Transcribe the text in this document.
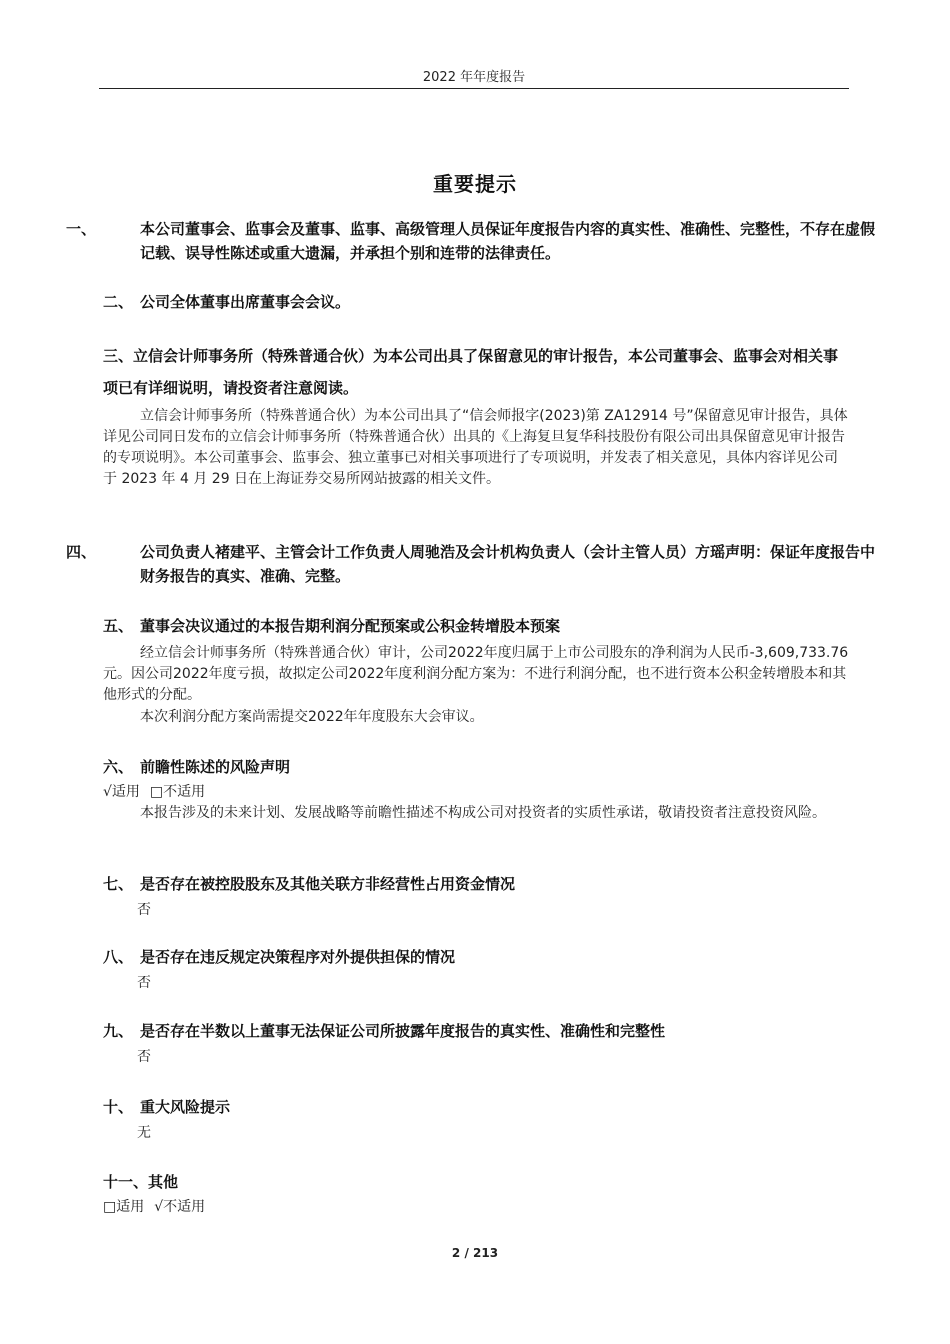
2022 年年度报告
重要提示
一、	本公司董事会、监事会及董事、监事、高级管理人员保证年度报告内容的真实性、准确性、完整性，不存在虚假记载、误导性陈述或重大遗漏，并承担个别和连带的法律责任。
二、 公司全体董事出席董事会会议。
三、立信会计师事务所（特殊普通合伙）为本公司出具了保留意见的审计报告，本公司董事会、监事会对相关事项已有详细说明，请投资者注意阅读。
立信会计师事务所（特殊普通合伙）为本公司出具了“信会师报字(2023)第 ZA12914 号”保留意见审计报告，具体详见公司同日发布的立信会计师事务所（特殊普通合伙）出具的《上海复旦复华科技股份有限公司出具保留意见审计报告的专项说明》。本公司董事会、监事会、独立董事已对相关事项进行了专项说明，并发表了相关意见，具体内容详见公司于 2023 年 4 月 29 日在上海证券交易所网站披露的相关文件。
四、	公司负责人褚建平、主管会计工作负责人周驰浩及会计机构负责人（会计主管人员）方瑶声明：保证年度报告中财务报告的真实、准确、完整。
五、 董事会决议通过的本报告期利润分配预案或公积金转增股本预案
经立信会计师事务所（特殊普通合伙）审计，公司2022年度归属于上市公司股东的净利润为人民币-3,609,733.76元。因公司2022年度亏损，故拟定公司2022年度利润分配方案为：不进行利润分配，也不进行资本公积金转增股本和其他形式的分配。
本次利润分配方案尚需提交2022年年度股东大会审议。
六、 前瞻性陈述的风险声明
√适用 □不适用
本报告涉及的未来计划、发展战略等前瞻性描述不构成公司对投资者的实质性承诺，敬请投资者注意投资风险。
七、 是否存在被控股股东及其他关联方非经营性占用资金情况
否
八、 是否存在违反规定决策程序对外提供担保的情况
否
九、 是否存在半数以上董事无法保证公司所披露年度报告的真实性、准确性和完整性
否
十、 重大风险提示
无
十一、其他
□适用 √不适用
2 / 213
